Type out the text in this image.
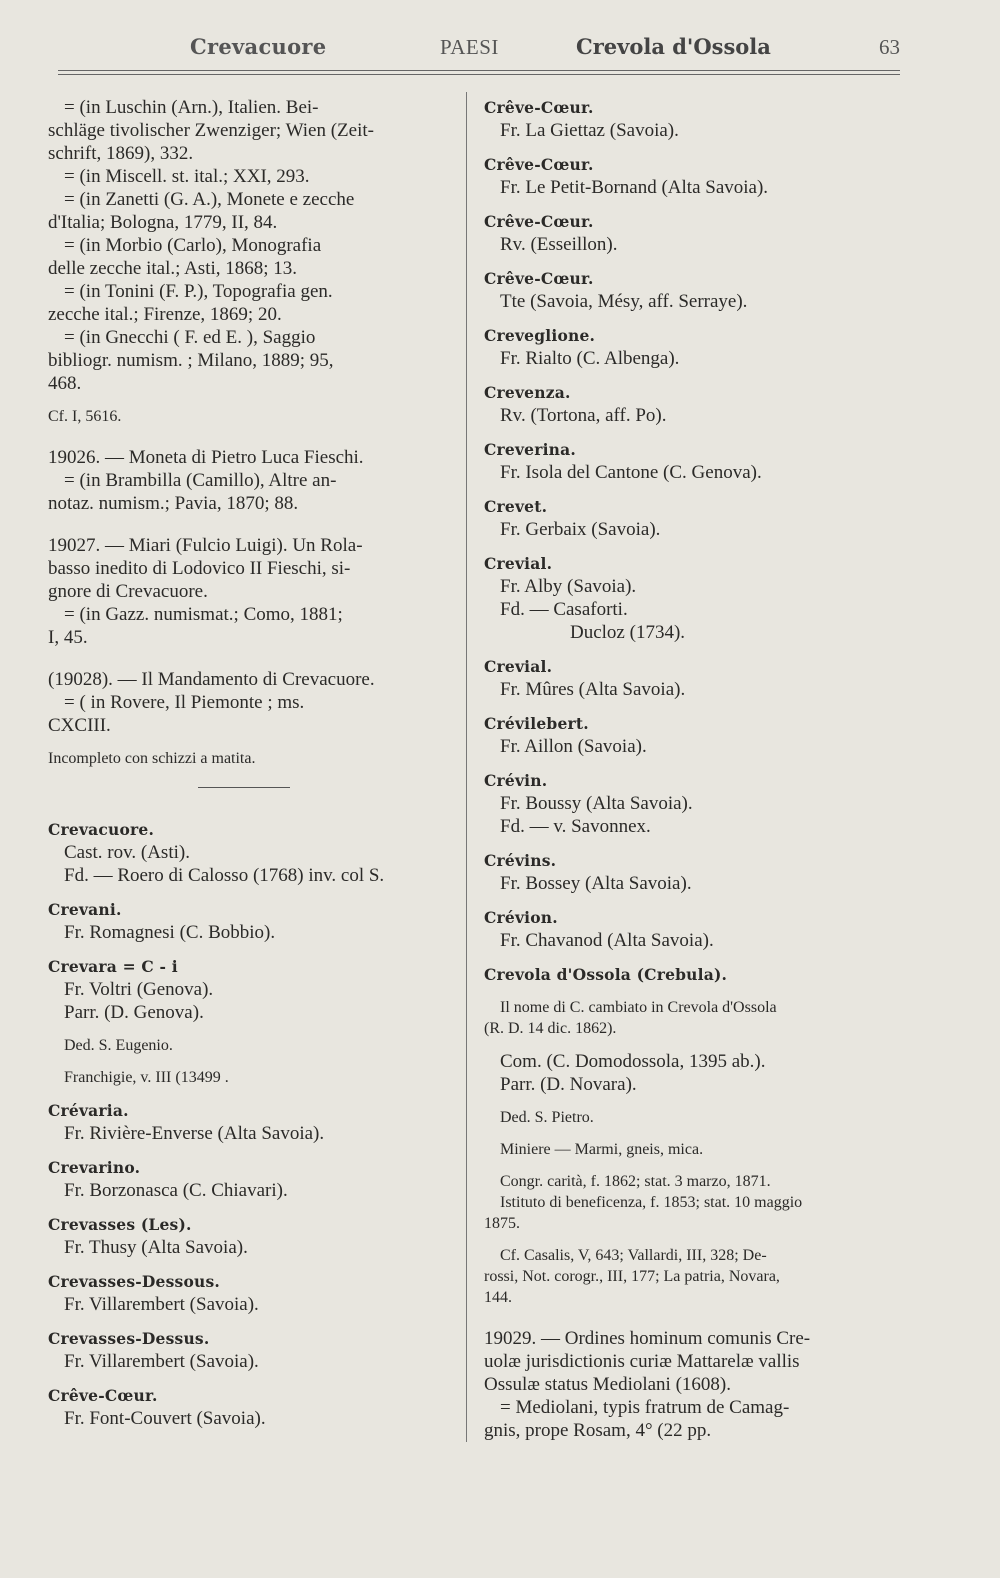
Crevacuore	PAESI	Crevola d'Ossola	63

= (in Luschin (Arn.), Italien. Bei-

schläge tivolischer Zwenziger; Wien (Zeit-

schrift, 1869), 332.

= (in Miscell. st. ital.; XXI, 293.

= (in Zanetti (G. A.), Monete e zecche

d'Italia; Bologna, 1779, II, 84.

= (in Morbio (Carlo), Monografia

delle zecche ital.; Asti, 1868; 13.

= (in Tonini (F. P.), Topografia gen.

zecche ital.; Firenze, 1869; 20.

= (in Gnecchi ( F. ed E. ), Saggio

bibliogr. numism. ; Milano, 1889; 95,

468.

Cf. I, 5616.

19026. — Moneta di Pietro Luca Fieschi.

= (in Brambilla (Camillo), Altre an-

notaz. numism.; Pavia, 1870; 88.

19027. — Miari (Fulcio Luigi). Un Rola-

basso inedito di Lodovico II Fieschi, si-

gnore di Crevacuore.

= (in Gazz. numismat.; Como, 1881;

I, 45.

(19028). — Il Mandamento di Crevacuore.

= ( in Rovere, Il Piemonte ; ms.

CXCIII.

Incompleto con schizzi a matita.

Crevacuore.

Cast. rov. (Asti).

Fd. — Roero di Calosso (1768) inv. col S.

Crevani.

Fr. Romagnesi (C. Bobbio).

Crevara = C - i

Fr. Voltri (Genova).

Parr. (D. Genova).

Ded. S. Eugenio.

Franchigie, v. III (13499 .

Crévaria.

Fr. Rivière-Enverse (Alta Savoia).

Crevarino.

Fr. Borzonasca (C. Chiavari).

Crevasses (Les).

Fr. Thusy (Alta Savoia).

Crevasses-Dessous.

Fr. Villarembert (Savoia).

Crevasses-Dessus.

Fr. Villarembert (Savoia).

Crêve-Cœur.

Fr. Font-Couvert (Savoia).

Crêve-Cœur.

Fr. La Giettaz (Savoia).

Crêve-Cœur.

Fr. Le Petit-Bornand (Alta Savoia).

Crêve-Cœur.

Rv. (Esseillon).

Crêve-Cœur.

Tte (Savoia, Mésy, aff. Serraye).

Creveglione.

Fr. Rialto (C. Albenga).

Crevenza.

Rv. (Tortona, aff. Po).

Creverina.

Fr. Isola del Cantone (C. Genova).

Crevet.

Fr. Gerbaix (Savoia).

Crevial.

Fr. Alby (Savoia).

Fd. — Casaforti.

Ducloz (1734).

Crevial.

Fr. Mûres (Alta Savoia).

Crévilebert.

Fr. Aillon (Savoia).

Crévin.

Fr. Boussy (Alta Savoia).

Fd. — v. Savonnex.

Crévins.

Fr. Bossey (Alta Savoia).

Crévion.

Fr. Chavanod (Alta Savoia).

Crevola d'Ossola (Crebula).

Il nome di C. cambiato in Crevola d'Ossola

(R. D. 14 dic. 1862).

Com. (C. Domodossola, 1395 ab.).

Parr. (D. Novara).

Ded. S. Pietro.

Miniere — Marmi, gneis, mica.

Congr. carità, f. 1862; stat. 3 marzo, 1871.

Istituto di beneficenza, f. 1853; stat. 10 maggio

1875.

Cf. Casalis, V, 643; Vallardi, III, 328; De-

rossi, Not. corogr., III, 177; La patria, Novara,

144.

19029. — Ordines hominum comunis Cre-

uolæ jurisdictionis curiæ Mattarelæ vallis

Ossulæ status Mediolani (1608).

= Mediolani, typis fratrum de Camag-

gnis, prope Rosam, 4° (22 pp.
